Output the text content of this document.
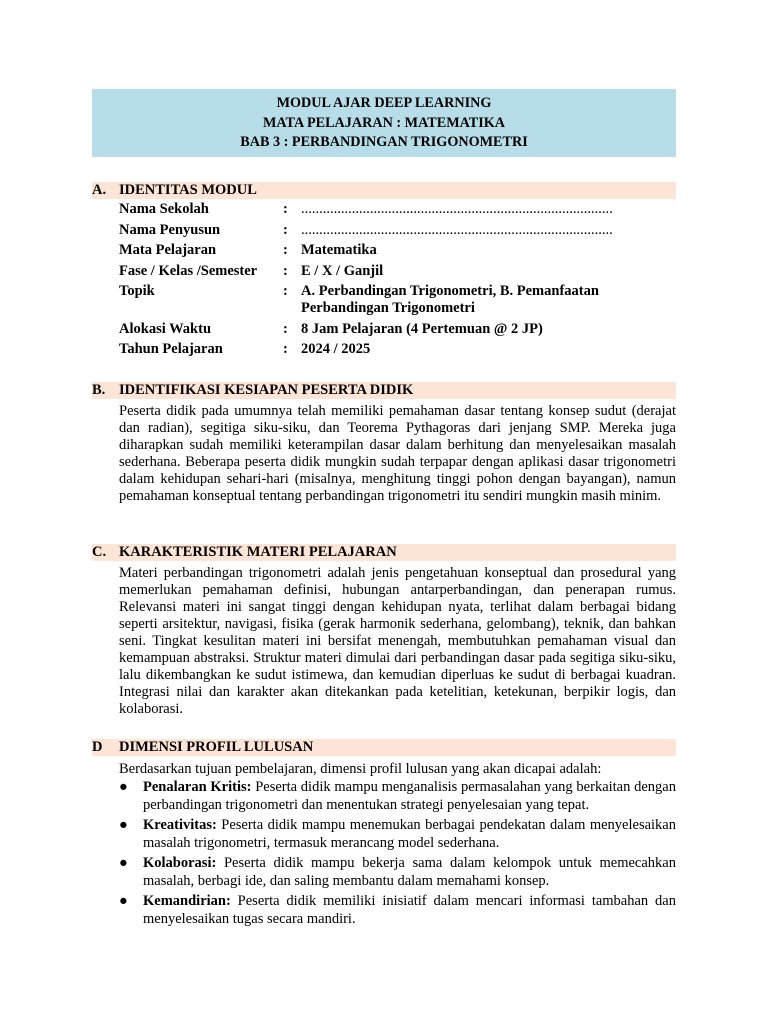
MODUL AJAR DEEP LEARNING
MATA PELAJARAN : MATEMATIKA
BAB 3 : PERBANDINGAN TRIGONOMETRI
A. IDENTITAS MODUL
Nama Sekolah	: ......................................................................................
Nama Penyusun	: ......................................................................................
Mata Pelajaran	: Matematika
Fase / Kelas /Semester : E / X / Ganjil
Topik	: A. Perbandingan Trigonometri, B. Pemanfaatan Perbandingan Trigonometri
Alokasi Waktu	: 8 Jam Pelajaran (4 Pertemuan @ 2 JP)
Tahun Pelajaran	: 2024 / 2025
B. IDENTIFIKASI KESIAPAN PESERTA DIDIK
Peserta didik pada umumnya telah memiliki pemahaman dasar tentang konsep sudut (derajat dan radian), segitiga siku-siku, dan Teorema Pythagoras dari jenjang SMP. Mereka juga diharapkan sudah memiliki keterampilan dasar dalam berhitung dan menyelesaikan masalah sederhana. Beberapa peserta didik mungkin sudah terpapar dengan aplikasi dasar trigonometri dalam kehidupan sehari-hari (misalnya, menghitung tinggi pohon dengan bayangan), namun pemahaman konseptual tentang perbandingan trigonometri itu sendiri mungkin masih minim.
C. KARAKTERISTIK MATERI PELAJARAN
Materi perbandingan trigonometri adalah jenis pengetahuan konseptual dan prosedural yang memerlukan pemahaman definisi, hubungan antarperbandingan, dan penerapan rumus. Relevansi materi ini sangat tinggi dengan kehidupan nyata, terlihat dalam berbagai bidang seperti arsitektur, navigasi, fisika (gerak harmonik sederhana, gelombang), teknik, dan bahkan seni. Tingkat kesulitan materi ini bersifat menengah, membutuhkan pemahaman visual dan kemampuan abstraksi. Struktur materi dimulai dari perbandingan dasar pada segitiga siku-siku, lalu dikembangkan ke sudut istimewa, dan kemudian diperluas ke sudut di berbagai kuadran. Integrasi nilai dan karakter akan ditekankan pada ketelitian, ketekunan, berpikir logis, dan kolaborasi.
D DIMENSI PROFIL LULUSAN
Berdasarkan tujuan pembelajaran, dimensi profil lulusan yang akan dicapai adalah:
● Penalaran Kritis: Peserta didik mampu menganalisis permasalahan yang berkaitan dengan perbandingan trigonometri dan menentukan strategi penyelesaian yang tepat.
● Kreativitas: Peserta didik mampu menemukan berbagai pendekatan dalam menyelesaikan masalah trigonometri, termasuk merancang model sederhana.
● Kolaborasi: Peserta didik mampu bekerja sama dalam kelompok untuk memecahkan masalah, berbagi ide, dan saling membantu dalam memahami konsep.
● Kemandirian: Peserta didik memiliki inisiatif dalam mencari informasi tambahan dan menyelesaikan tugas secara mandiri.
